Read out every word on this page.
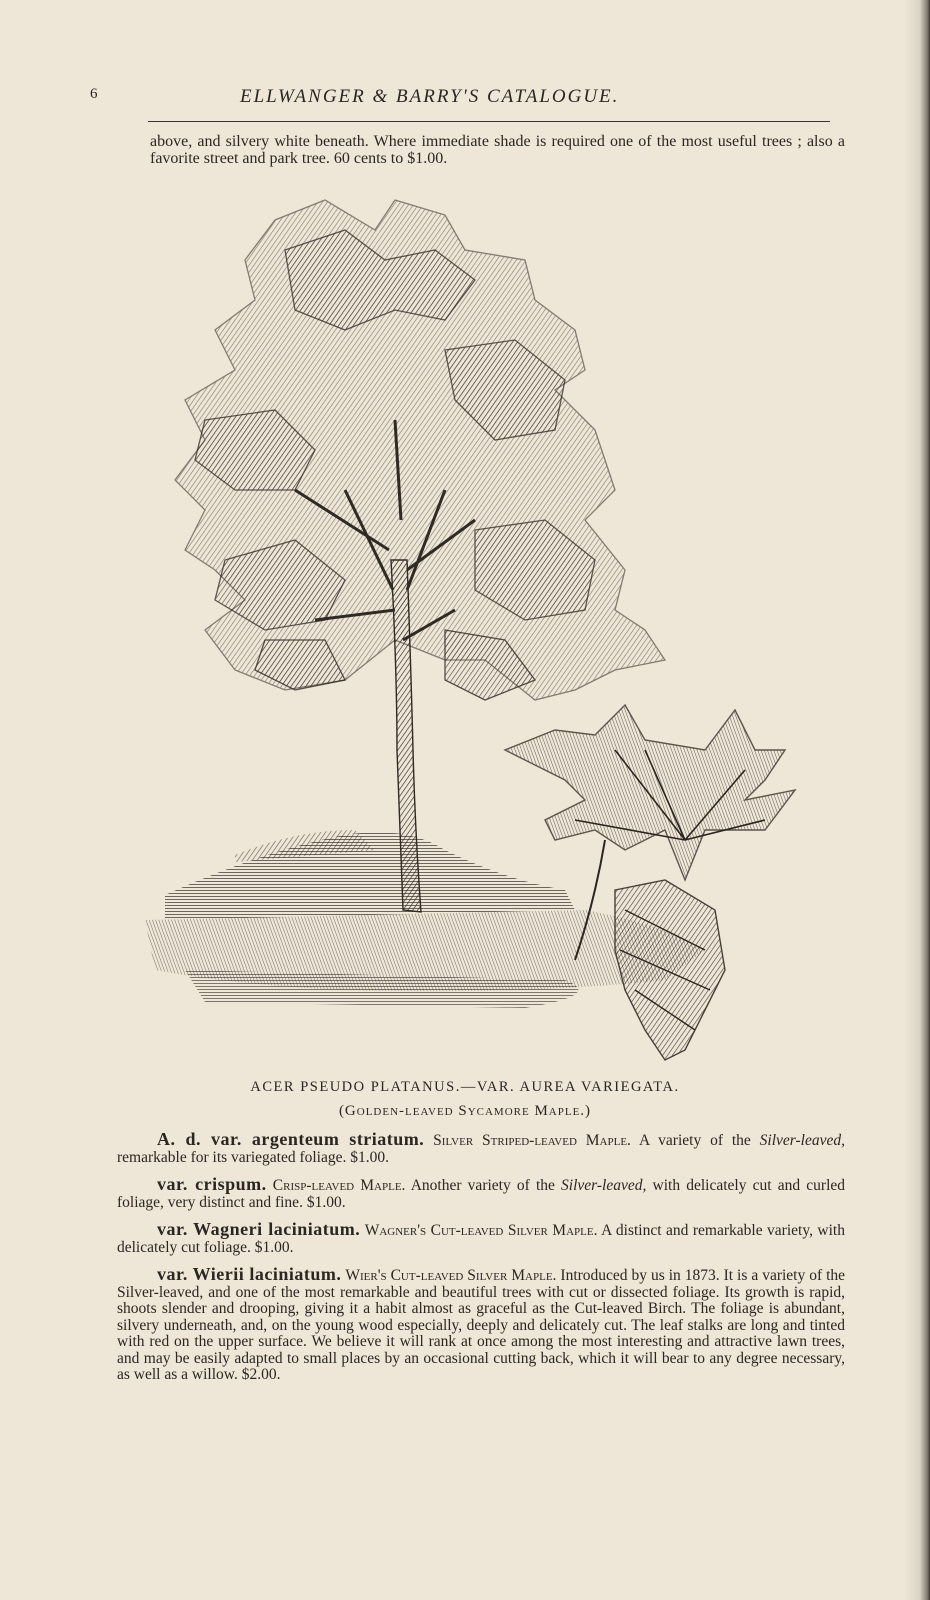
6	ELLWANGER & BARRY'S CATALOGUE.

above, and silvery white beneath. Where immediate shade is required one of the most useful trees ; also a favorite street and park tree. 60 cents to $1.00.

ACER PSEUDO PLATANUS.—VAR. AUREA VARIEGATA.
(Golden-leaved Sycamore Maple.)
A. d. var. argenteum striatum. Silver Striped-leaved Maple. A variety of the Silver-leaved, remarkable for its variegated foliage. $1.00.
var. crispum. Crisp-leaved Maple. Another variety of the Silver-leaved, with delicately cut and curled foliage, very distinct and fine. $1.00.
var. Wagneri laciniatum. Wagner's Cut-leaved Silver Maple. A distinct and remarkable variety, with delicately cut foliage. $1.00.
var. Wierii laciniatum. Wier's Cut-leaved Silver Maple. Introduced by us in 1873. It is a variety of the Silver-leaved, and one of the most remarkable and beautiful trees with cut or dissected foliage. Its growth is rapid, shoots slender and drooping, giving it a habit almost as graceful as the Cut-leaved Birch. The foliage is abundant, silvery underneath, and, on the young wood especially, deeply and delicately cut. The leaf stalks are long and tinted with red on the upper surface. We believe it will rank at once among the most interesting and attractive lawn trees, and may be easily adapted to small places by an occasional cutting back, which it will bear to any degree necessary, as well as a willow. $2.00.
